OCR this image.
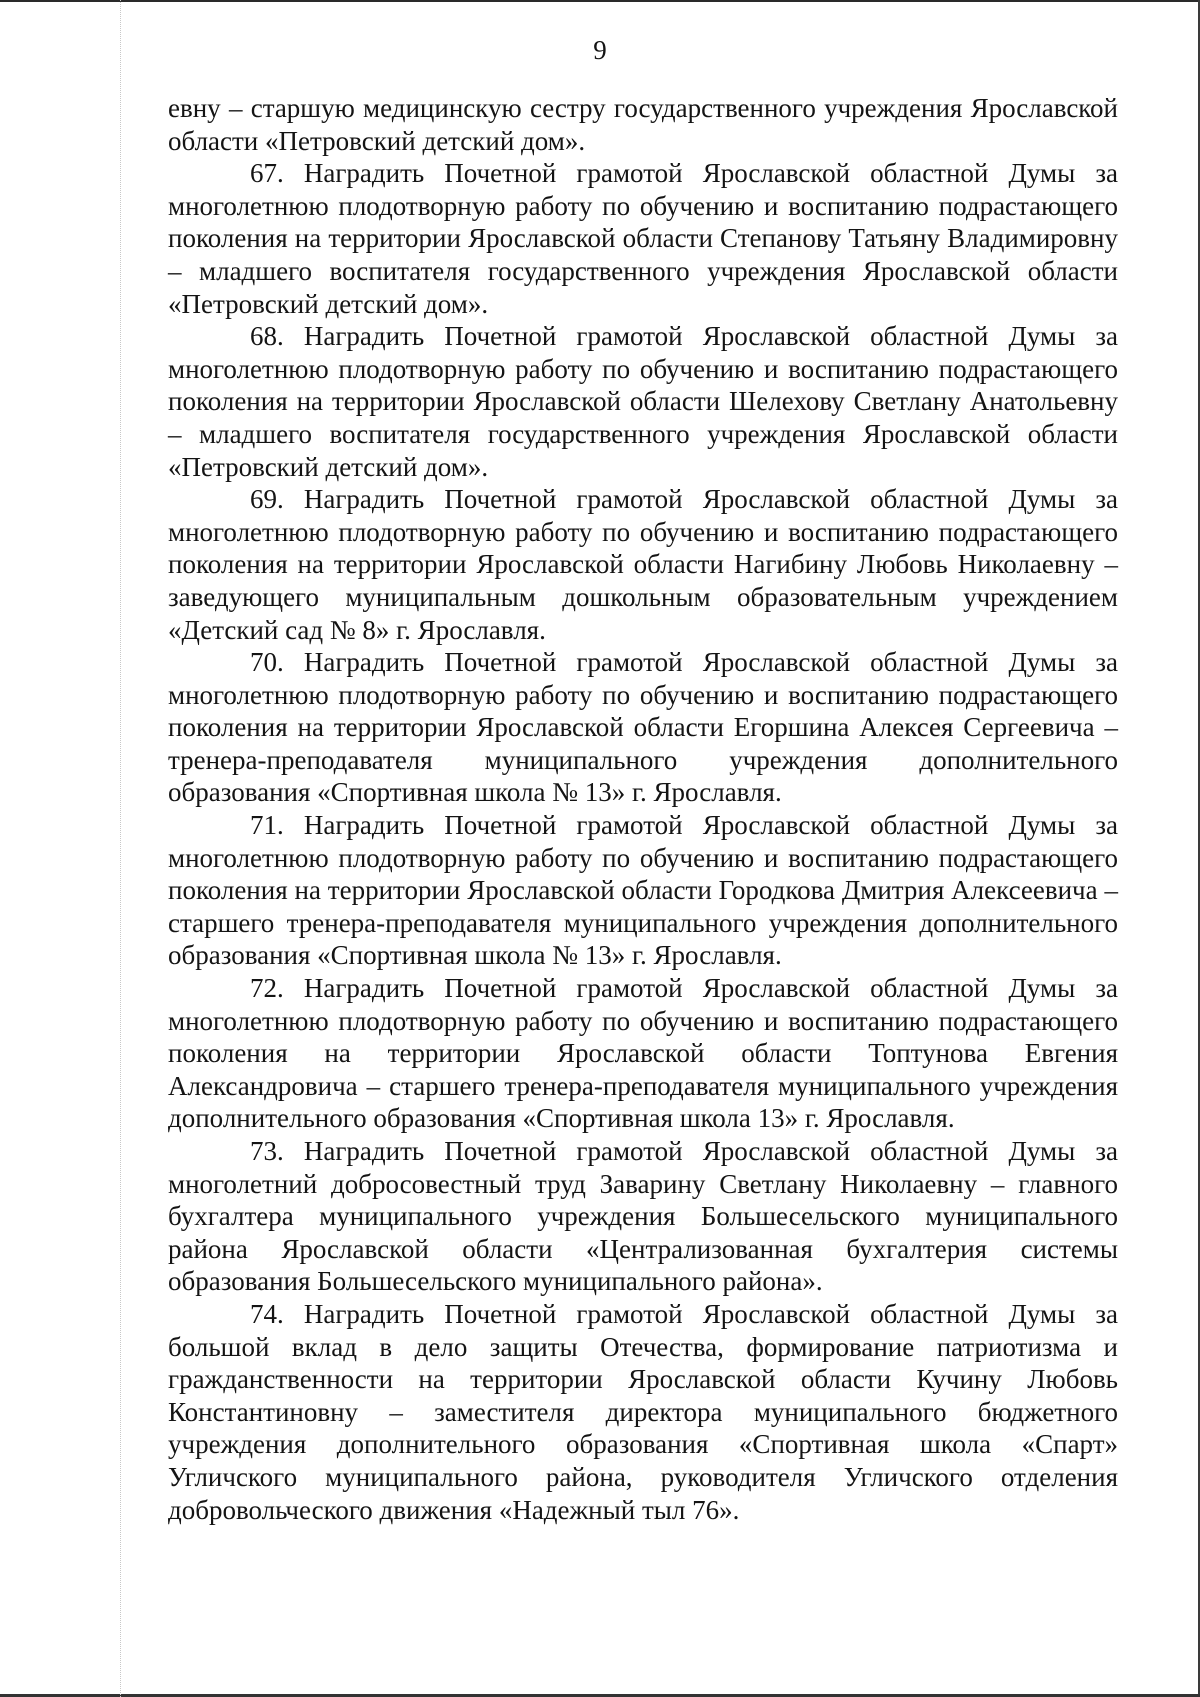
9

евну – старшую медицинскую сестру государственного учреждения Ярославской области «Петровский детский дом».

67. Наградить Почетной грамотой Ярославской областной Думы за многолетнюю плодотворную работу по обучению и воспитанию подрастающего поколения на территории Ярославской области Степанову Татьяну Владимировну – младшего воспитателя государственного учреждения Ярославской области «Петровский детский дом».

68. Наградить Почетной грамотой Ярославской областной Думы за многолетнюю плодотворную работу по обучению и воспитанию подрастающего поколения на территории Ярославской области Шелехову Светлану Анатольевну – младшего воспитателя государственного учреждения Ярославской области «Петровский детский дом».

69. Наградить Почетной грамотой Ярославской областной Думы за многолетнюю плодотворную работу по обучению и воспитанию подрастающего поколения на территории Ярославской области Нагибину Любовь Николаевну – заведующего муниципальным дошкольным образовательным учреждением «Детский сад № 8» г. Ярославля.

70. Наградить Почетной грамотой Ярославской областной Думы за многолетнюю плодотворную работу по обучению и воспитанию подрастающего поколения на территории Ярославской области Егоршина Алексея Сергеевича – тренера-преподавателя муниципального учреждения дополнительного образования «Спортивная школа № 13» г. Ярославля.

71. Наградить Почетной грамотой Ярославской областной Думы за многолетнюю плодотворную работу по обучению и воспитанию подрастающего поколения на территории Ярославской области Городкова Дмитрия Алексеевича – старшего тренера-преподавателя муниципального учреждения дополнительного образования «Спортивная школа № 13» г. Ярославля.

72. Наградить Почетной грамотой Ярославской областной Думы за многолетнюю плодотворную работу по обучению и воспитанию подрастающего поколения на территории Ярославской области Топтунова Евгения Александровича – старшего тренера-преподавателя муниципального учреждения дополнительного образования «Спортивная школа 13» г. Ярославля.

73. Наградить Почетной грамотой Ярославской областной Думы за многолетний добросовестный труд Заварину Светлану Николаевну – главного бухгалтера муниципального учреждения Большесельского муниципального района Ярославской области «Централизованная бухгалтерия системы образования Большесельского муниципального района».

74. Наградить Почетной грамотой Ярославской областной Думы за большой вклад в дело защиты Отечества, формирование патриотизма и гражданственности на территории Ярославской области Кучину Любовь Константиновну – заместителя директора муниципального бюджетного учреждения дополнительного образования «Спортивная школа «Спарт» Угличского муниципального района, руководителя Угличского отделения добровольческого движения «Надежный тыл 76».
